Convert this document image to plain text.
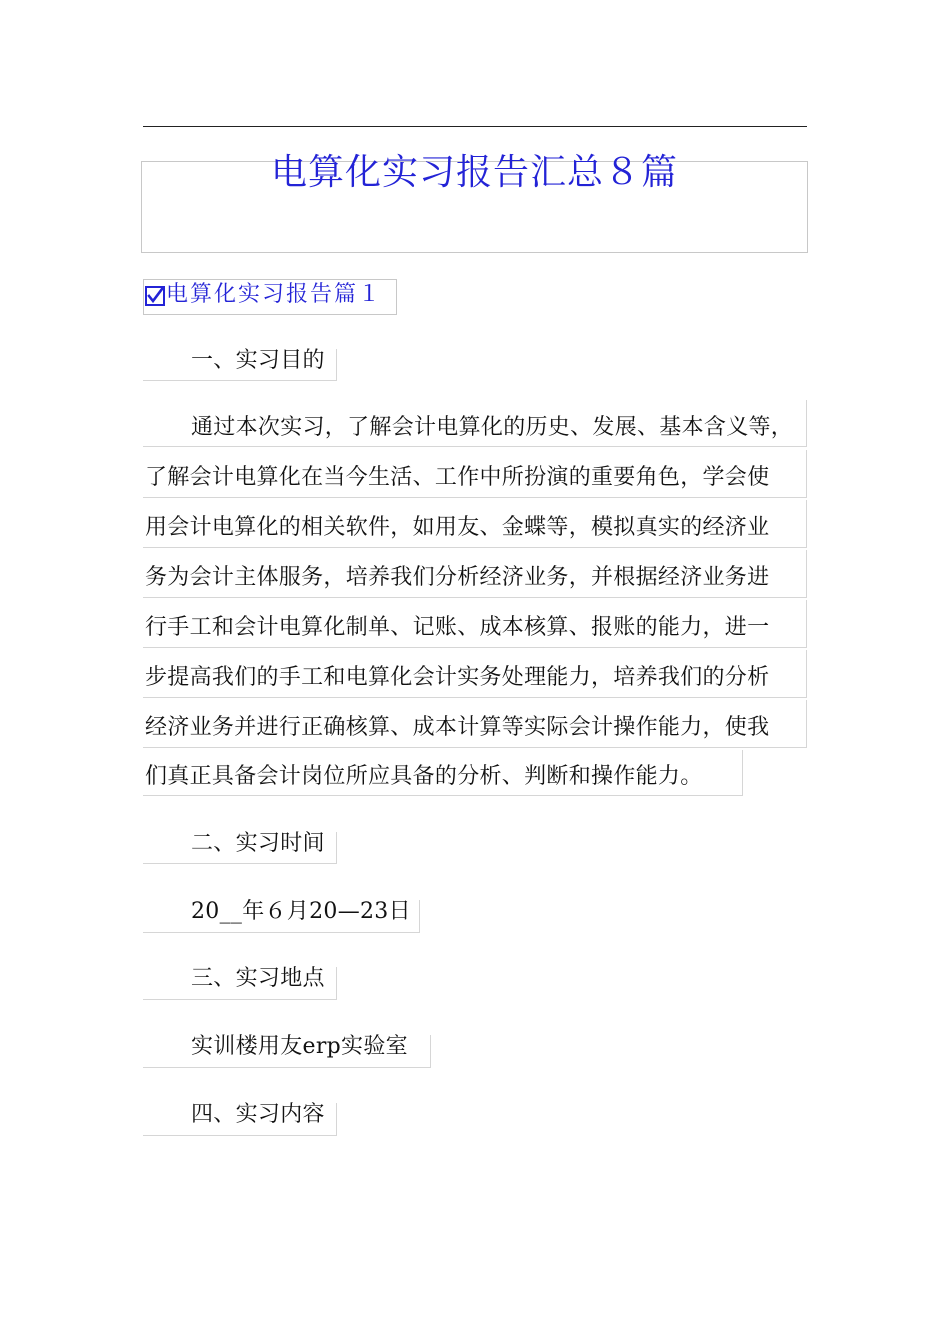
电算化实习报告汇总８篇
电算化实习报告篇１
一、实习目的
通过本次实习，了解会计电算化的历史、发展、基本含义等，
了解会计电算化在当今生活、工作中所扮演的重要角色，学会使
用会计电算化的相关软件，如用友、金蝶等，模拟真实的经济业
务为会计主体服务，培养我们分析经济业务，并根据经济业务进
行手工和会计电算化制单、记账、成本核算、报账的能力，进一
步提高我们的手工和电算化会计实务处理能力，培养我们的分析
经济业务并进行正确核算、成本计算等实际会计操作能力，使我
们真正具备会计岗位所应具备的分析、判断和操作能力。
二、实习时间
20__年６月20—23日
三、实习地点
实训楼用友erp实验室
四、实习内容
